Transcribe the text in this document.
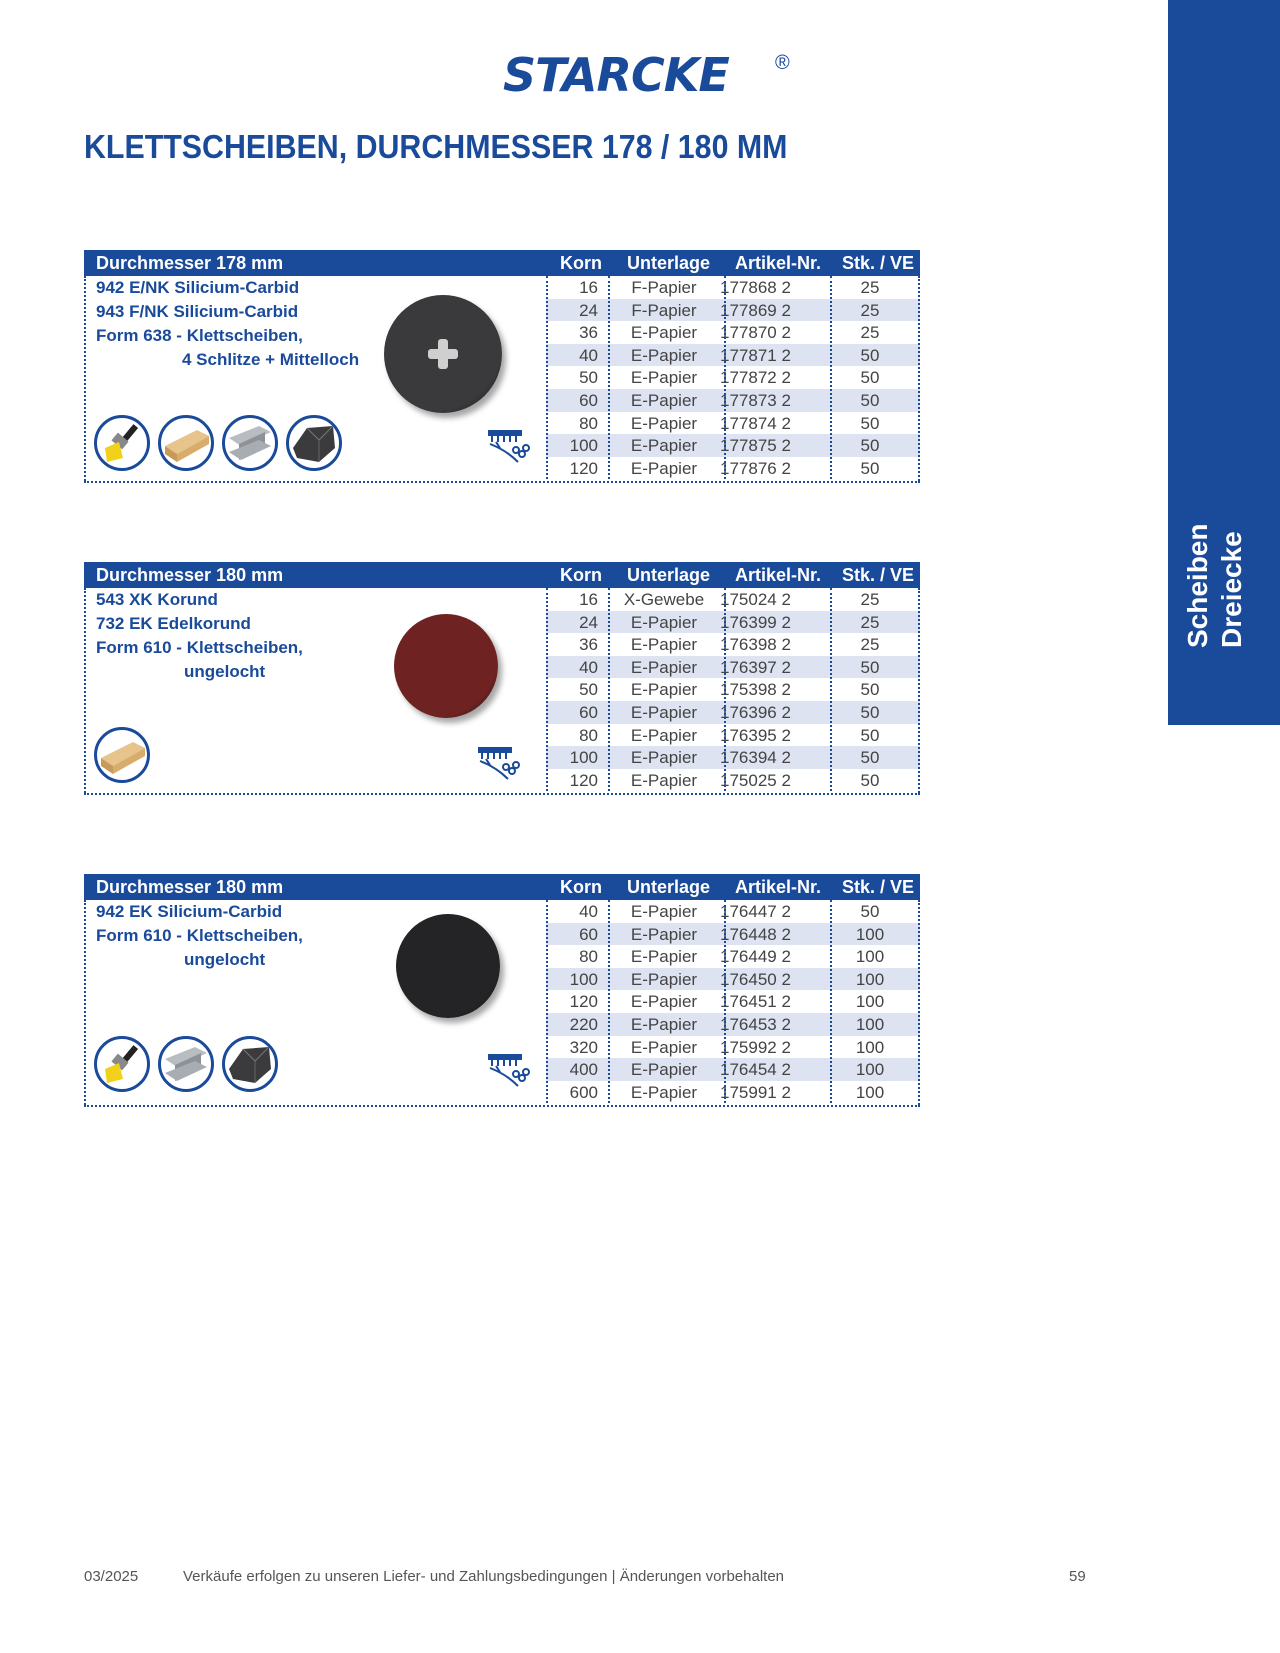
STARCKE ®
KLETTSCHEIBEN, DURCHMESSER 178 / 180 MM
Scheiben Dreiecke
Durchmesser 178 mm	Korn Unterlage Artikel-Nr. Stk. / VE
942 E/NK Silicium-Carbid
943 F/NK Silicium-Carbid
Form 638 - Klettscheiben,
4 Schlitze + Mittelloch
16 F-Papier 177868 2	25
24 F-Papier 177869 2	25
36 E-Papier 177870 2	25
40 E-Papier 177871 2	50
50 E-Papier 177872 2	50
60 E-Papier 177873 2	50
80 E-Papier 177874 2	50
100 E-Papier 177875 2	50
120 E-Papier 177876 2	50
Durchmesser 180 mm	Korn Unterlage Artikel-Nr. Stk. / VE
543 XK Korund
732 EK Edelkorund
Form 610 - Klettscheiben,
ungelocht
16 X-Gewebe 175024 2	25
24 E-Papier 176399 2	25
36 E-Papier 176398 2	25
40 E-Papier 176397 2	50
50 E-Papier 175398 2	50
60 E-Papier 176396 2	50
80 E-Papier 176395 2	50
100 E-Papier 176394 2	50
120 E-Papier 175025 2	50
Durchmesser 180 mm	Korn Unterlage Artikel-Nr. Stk. / VE
942 EK Silicium-Carbid
Form 610 - Klettscheiben,
ungelocht
40 E-Papier 176447 2	50
60 E-Papier 176448 2	100
80 E-Papier 176449 2	100
100 E-Papier 176450 2	100
120 E-Papier 176451 2	100
220 E-Papier 176453 2	100
320 E-Papier 175992 2	100
400 E-Papier 176454 2	100
600 E-Papier 175991 2	100
03/2025	Verkäufe erfolgen zu unseren Liefer- und Zahlungsbedingungen | Änderungen vorbehalten	59
